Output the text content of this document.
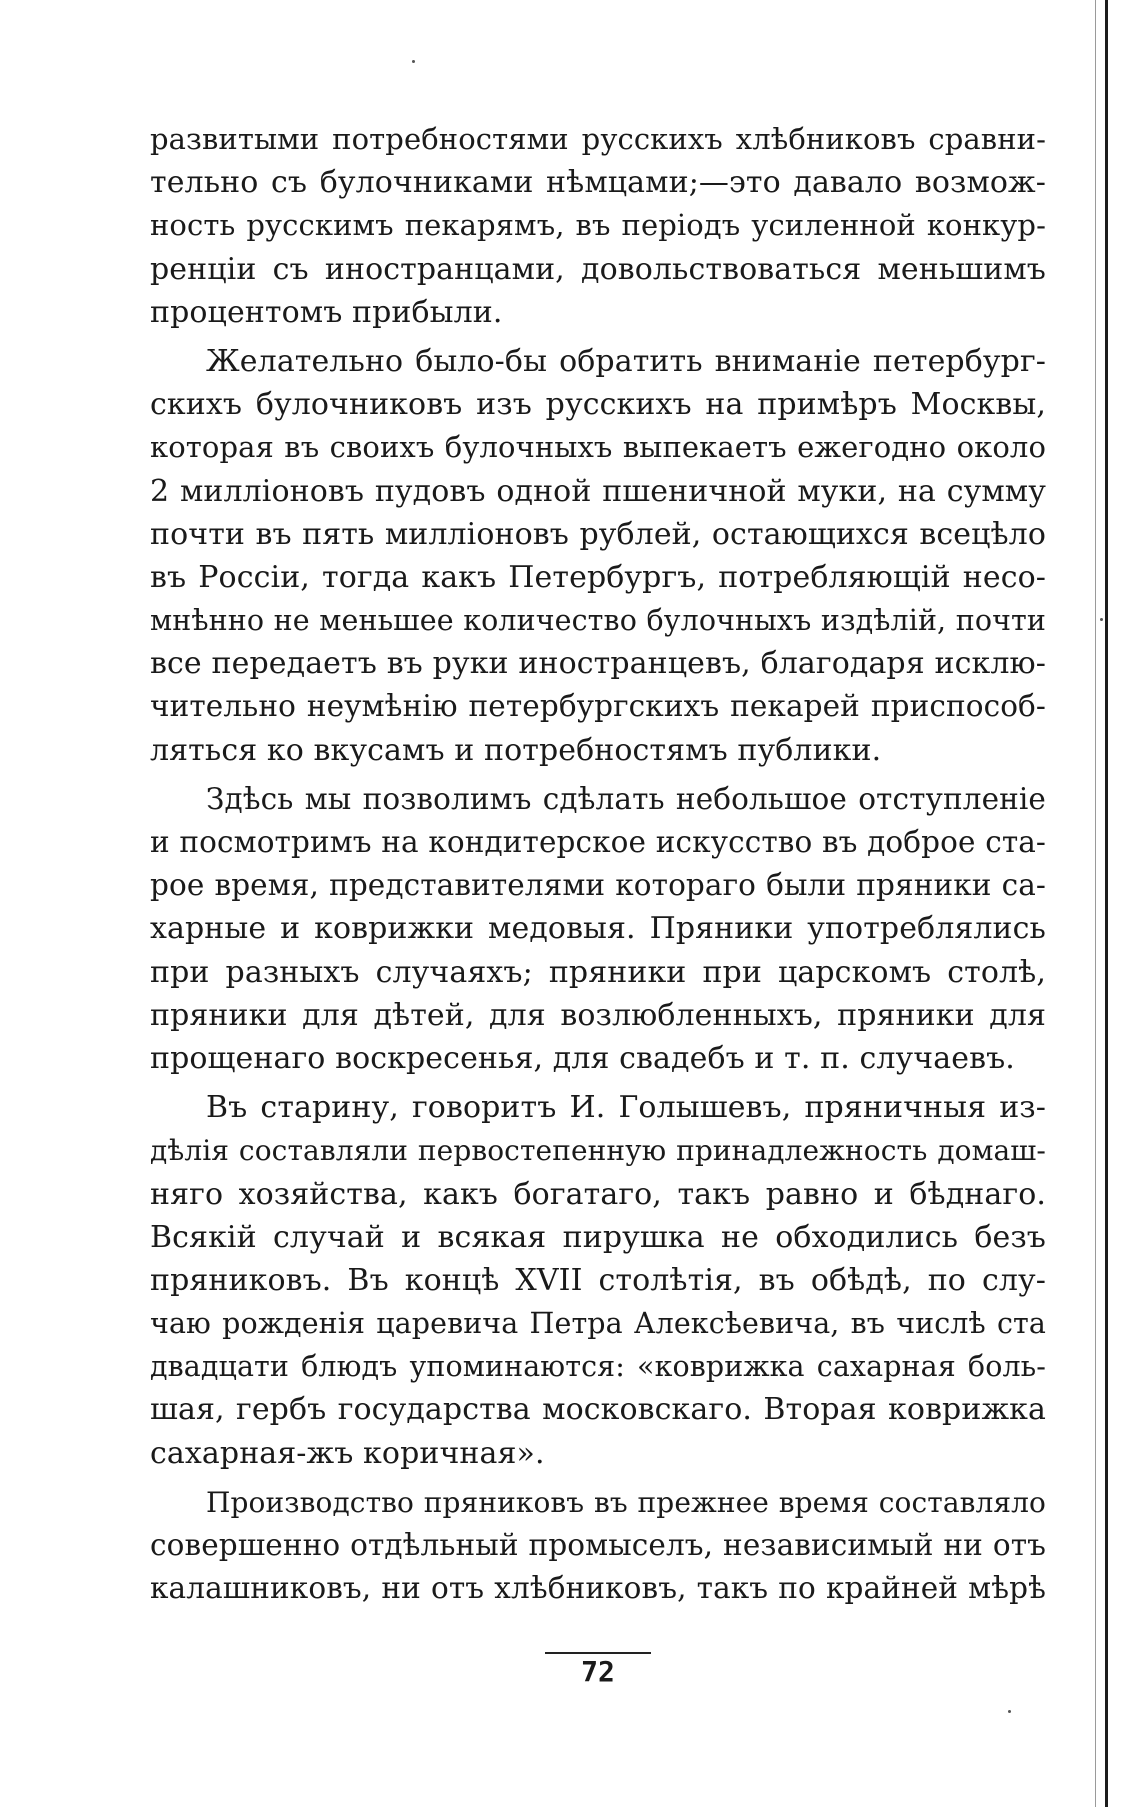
развитыми потребностями русскихъ хлѣбниковъ сравни-
тельно съ булочниками нѣмцами;—это давало возмож-
ность русскимъ пекарямъ, въ перiодъ усиленной конкур-
ренцiи съ иностранцами, довольствоваться меньшимъ
процентомъ прибыли.
Желательно было-бы обратить вниманiе петербург-
скихъ булочниковъ изъ русскихъ на примѣръ Москвы,
которая въ своихъ булочныхъ выпекаетъ ежегодно около
2 миллiоновъ пудовъ одной пшеничной муки, на сумму
почти въ пять миллiоновъ рублей, остающихся всецѣло
въ Россiи, тогда какъ Петербургъ, потребляющiй несо-
мнѣнно не меньшее количество булочныхъ издѣлiй, почти
все передаетъ въ руки иностранцевъ, благодаря исклю-
чительно неумѣнiю петербургскихъ пекарей приспособ-
ляться ко вкусамъ и потребностямъ публики.
Здѣсь мы позволимъ сдѣлать небольшое отступленiе
и посмотримъ на кондитерское искусство въ доброе ста-
рое время, представителями котораго были пряники са-
харные и коврижки медовыя. Пряники употреблялись
при разныхъ случаяхъ; пряники при царскомъ столѣ,
пряники для дѣтей, для возлюбленныхъ, пряники для
прощенаго воскресенья, для свадебъ и т. п. случаевъ.
Въ старину, говоритъ И. Голышевъ, пряничныя из-
дѣлiя составляли первостепенную принадлежность домаш-
няго хозяйства, какъ богатаго, такъ равно и бѣднаго.
Всякiй случай и всякая пирушка не обходились безъ
пряниковъ. Въ концѣ XVII столѣтiя, въ обѣдѣ, по слу-
чаю рожденiя царевича Петра Алексѣевича, въ числѣ ста
двадцати блюдъ упоминаются: «коврижка сахарная боль-
шая, гербъ государства московскаго. Вторая коврижка
сахарная-жъ коричная».
Производство пряниковъ въ прежнее время составляло
совершенно отдѣльный промыселъ, независимый ни отъ
калашниковъ, ни отъ хлѣбниковъ, такъ по крайней мѣрѣ
72
